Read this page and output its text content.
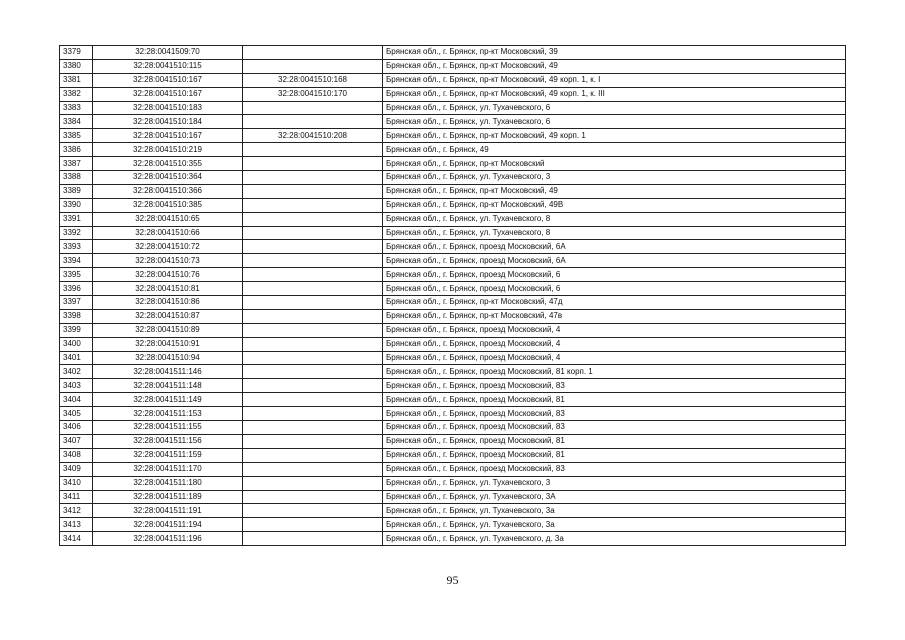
3379	32:28:0041509:70		Брянская обл., г. Брянск, пр-кт Московский, 39
3380	32:28:0041510:115		Брянская обл., г. Брянск, пр-кт Московский, 49
3381	32:28:0041510:167	32:28:0041510:168	Брянская обл., г. Брянск, пр-кт Московский, 49 корп. 1, к. I
3382	32:28:0041510:167	32:28:0041510:170	Брянская обл., г. Брянск, пр-кт Московский, 49 корп. 1, к. III
3383	32:28:0041510:183		Брянская обл., г. Брянск, ул. Тухачевского, 6
3384	32:28:0041510:184		Брянская обл., г. Брянск, ул. Тухачевского, 6
3385	32:28:0041510:167	32:28:0041510:208	Брянская обл., г. Брянск, пр-кт Московский, 49 корп. 1
3386	32:28:0041510:219		Брянская обл., г. Брянск, 49
3387	32:28:0041510:355		Брянская обл., г. Брянск, пр-кт Московский
3388	32:28:0041510:364		Брянская обл., г. Брянск, ул. Тухачевского, 3
3389	32:28:0041510:366		Брянская обл., г. Брянск, пр-кт Московский, 49
3390	32:28:0041510:385		Брянская обл., г. Брянск, пр-кт Московский, 49В
3391	32:28:0041510:65		Брянская обл., г. Брянск, ул. Тухачевского, 8
3392	32:28:0041510:66		Брянская обл., г. Брянск, ул. Тухачевского, 8
3393	32:28:0041510:72		Брянская обл., г. Брянск, проезд Московский, 6А
3394	32:28:0041510:73		Брянская обл., г. Брянск, проезд Московский, 6А
3395	32:28:0041510:76		Брянская обл., г. Брянск, проезд Московский, 6
3396	32:28:0041510:81		Брянская обл., г. Брянск, проезд Московский, 6
3397	32:28:0041510:86		Брянская обл., г. Брянск, пр-кт Московский, 47д
3398	32:28:0041510:87		Брянская обл., г. Брянск, пр-кт Московский, 47в
3399	32:28:0041510:89		Брянская обл., г. Брянск, проезд Московский, 4
3400	32:28:0041510:91		Брянская обл., г. Брянск, проезд Московский, 4
3401	32:28:0041510:94		Брянская обл., г. Брянск, проезд Московский, 4
3402	32:28:0041511:146		Брянская обл., г. Брянск, проезд Московский, 81 корп. 1
3403	32:28:0041511:148		Брянская обл., г. Брянск, проезд Московский, 83
3404	32:28:0041511:149		Брянская обл., г. Брянск, проезд Московский, 81
3405	32:28:0041511:153		Брянская обл., г. Брянск, проезд Московский, 83
3406	32:28:0041511:155		Брянская обл., г. Брянск, проезд Московский, 83
3407	32:28:0041511:156		Брянская обл., г. Брянск, проезд Московский, 81
3408	32:28:0041511:159		Брянская обл., г. Брянск, проезд Московский, 81
3409	32:28:0041511:170		Брянская обл., г. Брянск, проезд Московский, 83
3410	32:28:0041511:180		Брянская обл., г. Брянск, ул. Тухачевского, 3
3411	32:28:0041511:189		Брянская обл., г. Брянск, ул. Тухачевского, 3А
3412	32:28:0041511:191		Брянская обл., г. Брянск, ул. Тухачевского, 3а
3413	32:28:0041511:194		Брянская обл., г. Брянск, ул. Тухачевского, 3а
3414	32:28:0041511:196		Брянская обл., г. Брянск, ул. Тухачевского, д. 3а
95
